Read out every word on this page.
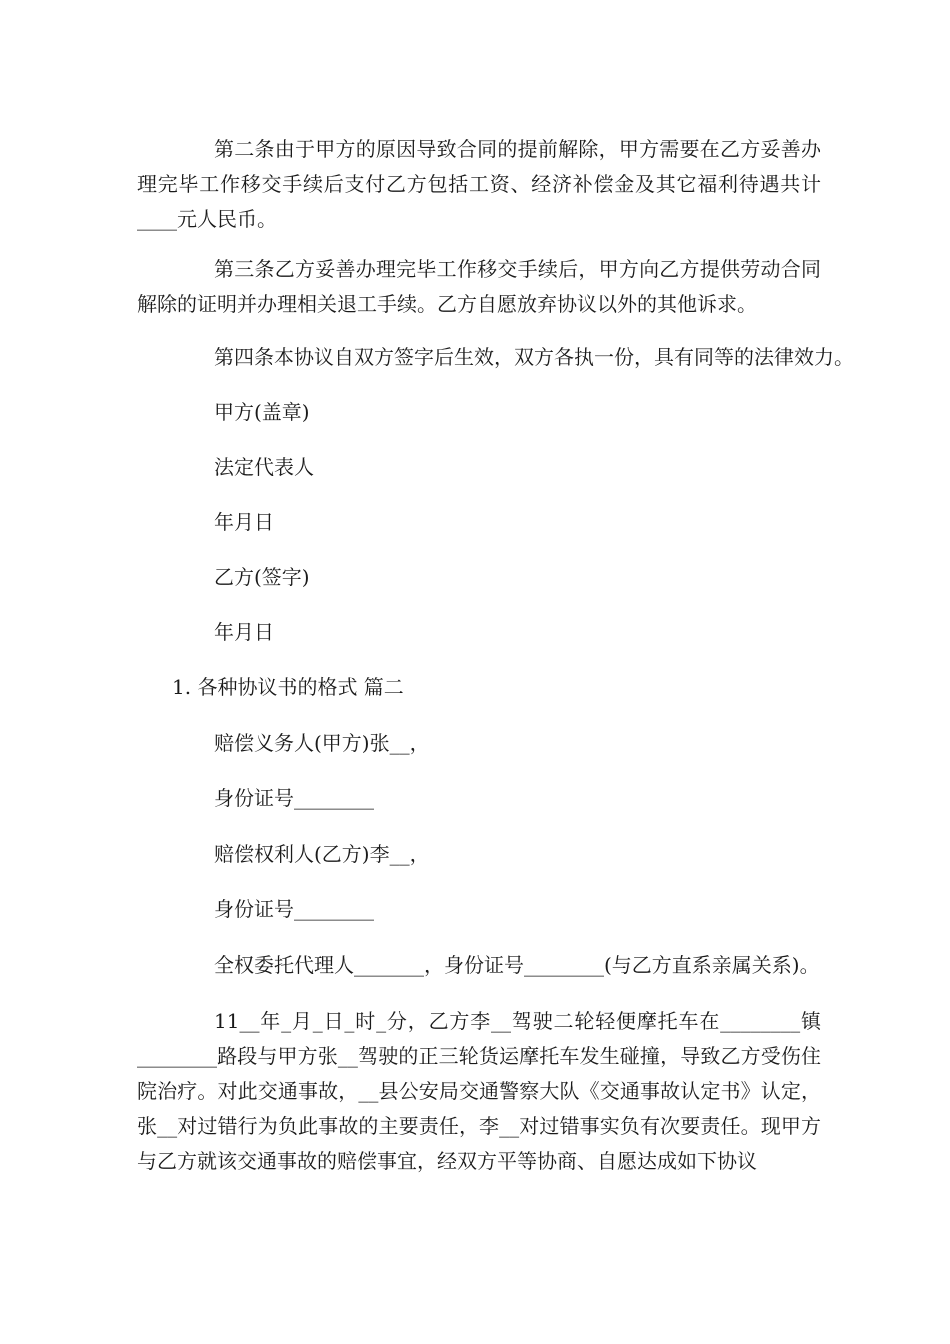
第二条由于甲方的原因导致合同的提前解除，甲方需要在乙方妥善办理完毕工作移交手续后支付乙方包括工资、经济补偿金及其它福利待遇共计____元人民币。

第三条乙方妥善办理完毕工作移交手续后，甲方向乙方提供劳动合同解除的证明并办理相关退工手续。乙方自愿放弃协议以外的其他诉求。

第四条本协议自双方签字后生效，双方各执一份，具有同等的法律效力。

甲方(盖章)

法定代表人

年月日

乙方(签字)

年月日

1. 各种协议书的格式 篇二

赔偿义务人(甲方)张__，

身份证号________

赔偿权利人(乙方)李__，

身份证号________

全权委托代理人_______，身份证号________(与乙方直系亲属关系)。

11__年_月_日_时_分，乙方李__驾驶二轮轻便摩托车在________镇________路段与甲方张__驾驶的正三轮货运摩托车发生碰撞，导致乙方受伤住院治疗。对此交通事故，__县公安局交通警察大队《交通事故认定书》认定，张__对过错行为负此事故的主要责任，李__对过错事实负有次要责任。现甲方与乙方就该交通事故的赔偿事宜，经双方平等协商、自愿达成如下协议
